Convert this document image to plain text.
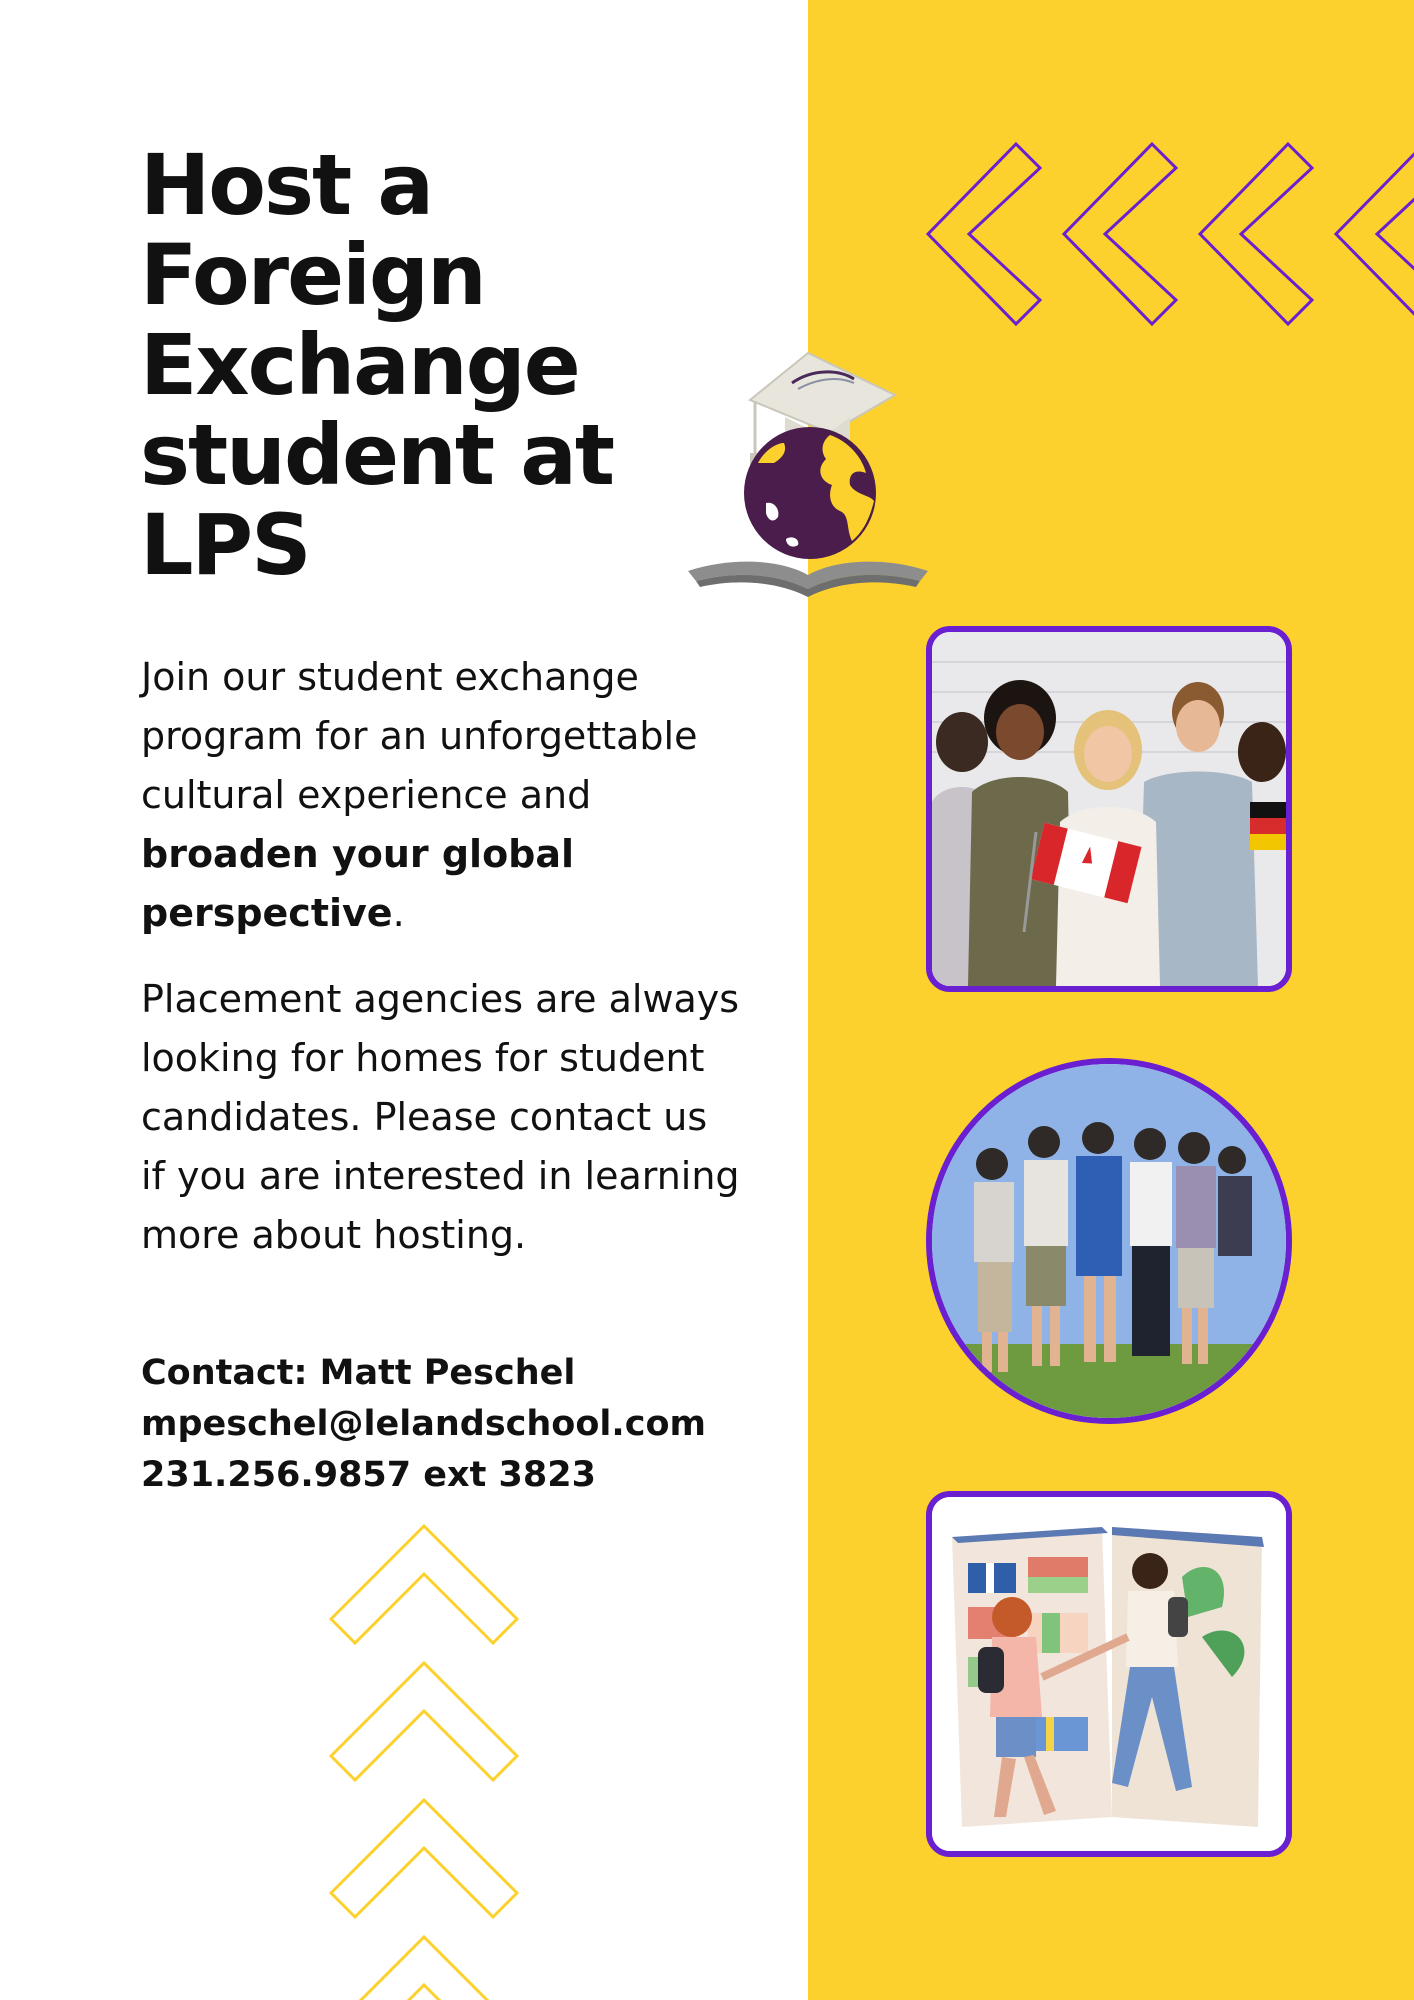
Host a
Foreign
Exchange
student at
LPS
Join our student exchange program for an unforgettable cultural experience and broaden your global perspective.
Placement agencies are always looking for homes for student candidates. Please contact us if you are interested in learning more about hosting.
Contact: Matt Peschel
mpeschel@lelandschool.com
231.256.9857 ext 3823
